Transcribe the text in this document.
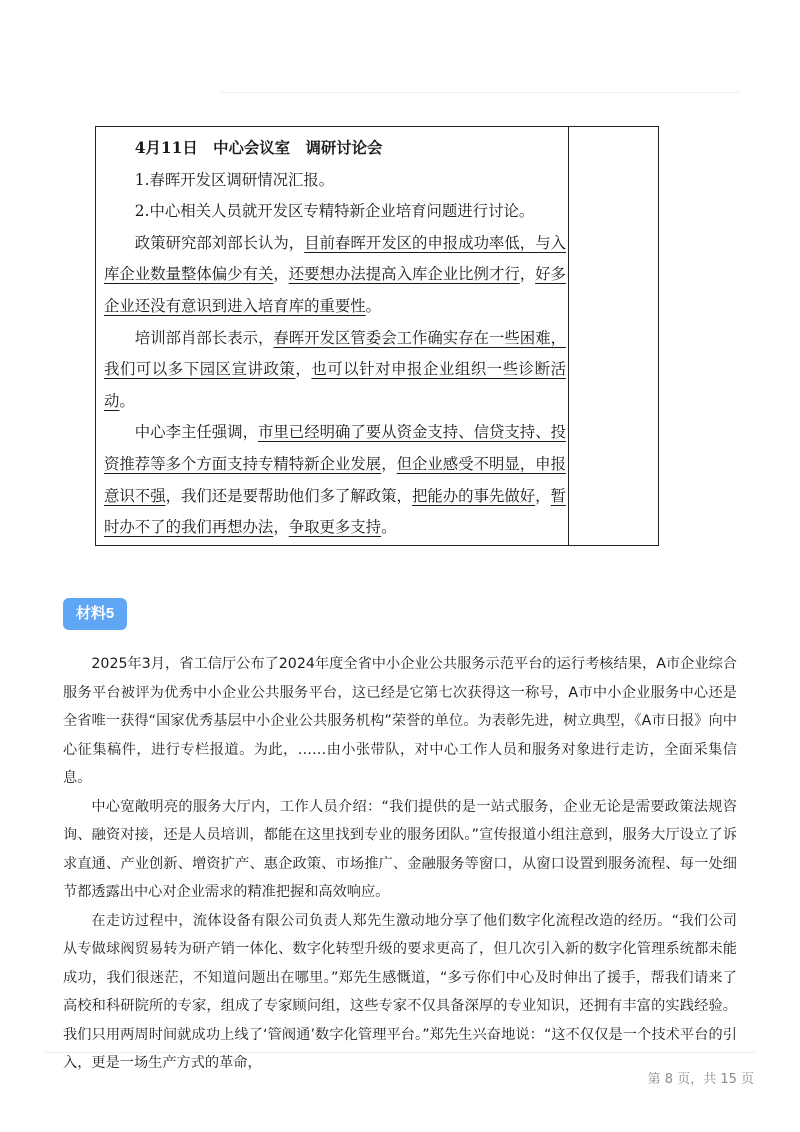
4月11日　中心会议室　调研讨论会

1.春晖开发区调研情况汇报。

2.中心相关人员就开发区专精特新企业培育问题进行讨论。

政策研究部刘部长认为，目前春晖开发区的申报成功率低，与入库企业数量整体偏少有关，还要想办法提高入库企业比例才行，好多企业还没有意识到进入培育库的重要性。

培训部肖部长表示，春晖开发区管委会工作确实存在一些困难，我们可以多下园区宣讲政策，也可以针对申报企业组织一些诊断活动。

中心李主任强调，市里已经明确了要从资金支持、信贷支持、投资推荐等多个方面支持专精特新企业发展，但企业感受不明显，申报意识不强，我们还是要帮助他们多了解政策，把能办的事先做好，暂时办不了的我们再想办法，争取更多支持。

材料5

2025年3月，省工信厅公布了2024年度全省中小企业公共服务示范平台的运行考核结果，A市企业综合服务平台被评为优秀中小企业公共服务平台，这已经是它第七次获得这一称号，A市中小企业服务中心还是全省唯一获得“国家优秀基层中小企业公共服务机构”荣誉的单位。为表彰先进，树立典型，《A市日报》向中心征集稿件，进行专栏报道。为此，……由小张带队，对中心工作人员和服务对象进行走访，全面采集信息。

中心宽敞明亮的服务大厅内，工作人员介绍：“我们提供的是一站式服务，企业无论是需要政策法规咨询、融资对接，还是人员培训，都能在这里找到专业的服务团队。”宣传报道小组注意到，服务大厅设立了诉求直通、产业创新、增资扩产、惠企政策、市场推广、金融服务等窗口，从窗口设置到服务流程、每一处细节都透露出中心对企业需求的精准把握和高效响应。

在走访过程中，流体设备有限公司负责人郑先生激动地分享了他们数字化流程改造的经历。“我们公司从专做球阀贸易转为研产销一体化、数字化转型升级的要求更高了，但几次引入新的数字化管理系统都未能成功，我们很迷茫，不知道问题出在哪里。”郑先生感慨道，“多亏你们中心及时伸出了援手，帮我们请来了高校和科研院所的专家，组成了专家顾问组，这些专家不仅具备深厚的专业知识，还拥有丰富的实践经验。我们只用两周时间就成功上线了‘管阀通’数字化管理平台。”郑先生兴奋地说：“这不仅仅是一个技术平台的引入，更是一场生产方式的革命，

第 8 页，共 15 页
